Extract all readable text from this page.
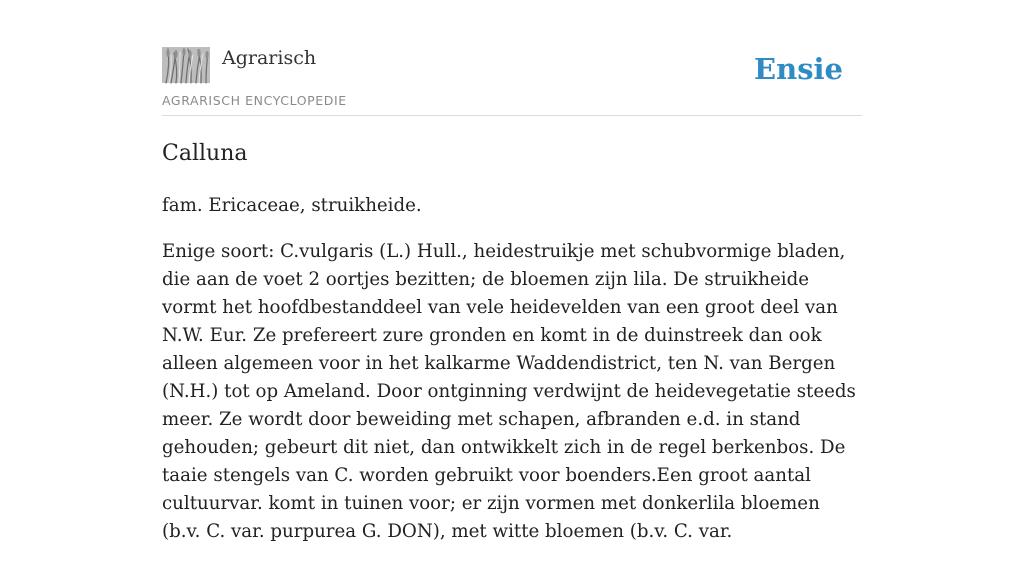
Agrarisch
AGRARISCH ENCYCLOPEDIE
Ensie
Calluna

fam. Ericaceae, struikheide.

Enige soort: C.vulgaris (L.) Hull., heidestruikje met schubvormige bladen, die aan de voet 2 oortjes bezitten; de bloemen zijn lila. De struikheide vormt het hoofdbestanddeel van vele heidevelden van een groot deel van N.W. Eur. Ze prefereert zure gronden en komt in de duinstreek dan ook alleen algemeen voor in het kalkarme Waddendistrict, ten N. van Bergen (N.H.) tot op Ameland. Door ontginning verdwijnt de heidevegetatie steeds meer. Ze wordt door beweiding met schapen, afbranden e.d. in stand gehouden; gebeurt dit niet, dan ontwikkelt zich in de regel berkenbos. De taaie stengels van C. worden gebruikt voor boenders.Een groot aantal cultuurvar. komt in tuinen voor; er zijn vormen met donkerlila bloemen (b.v. C. var. purpurea G. DON), met witte bloemen (b.v. C. var.
